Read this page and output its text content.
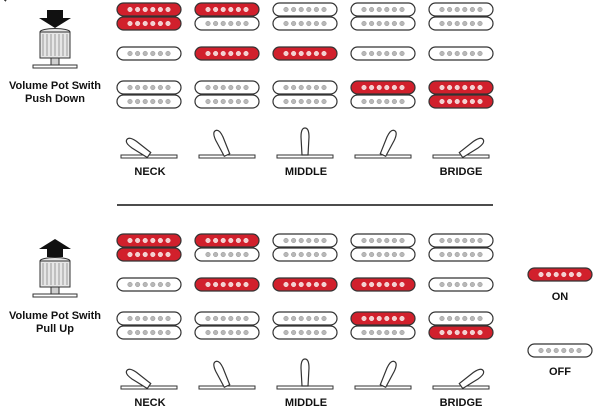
Volume Pot Swith
Push Down
Volume Pot Swith
Pull Up
NECK	MIDDLE	BRIDGE
NECK	MIDDLE	BRIDGE
ON
OFF
